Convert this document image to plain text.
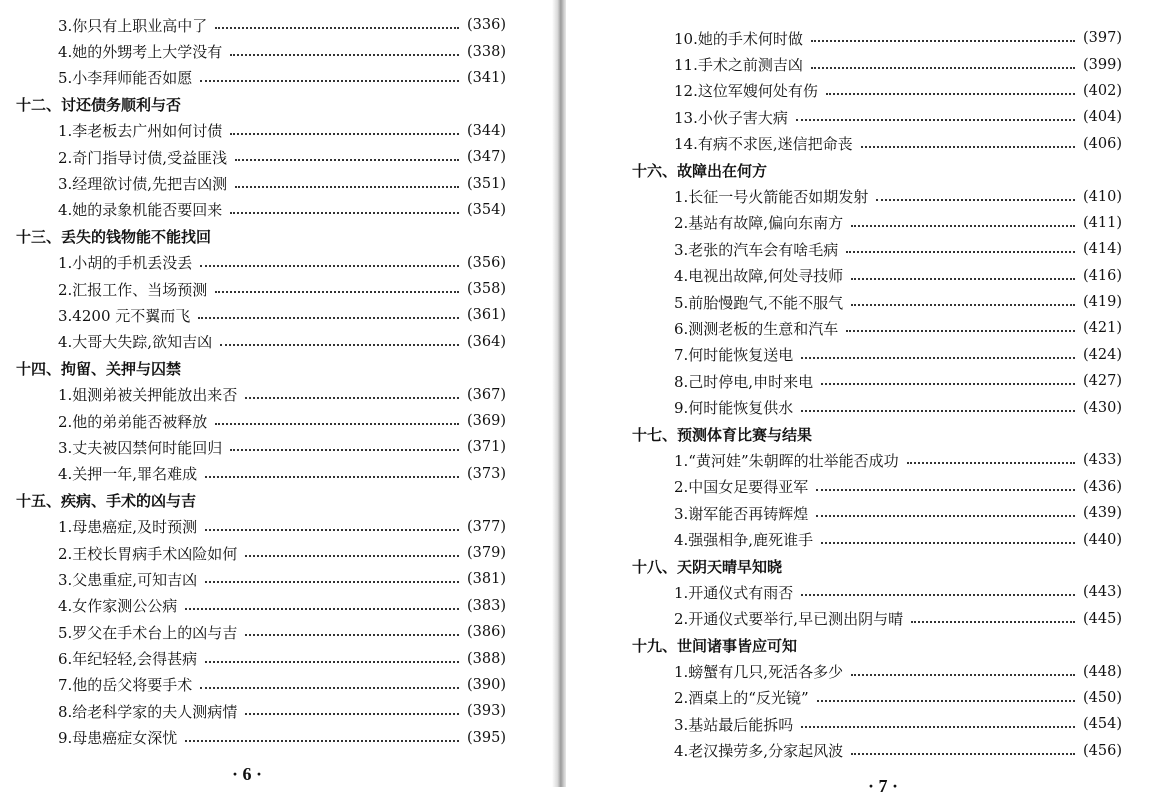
3.你只有上职业高中了	(336)
4.她的外甥考上大学没有	(338)
5.小李拜师能否如愿	(341)
十二、讨还债务顺利与否
1.李老板去广州如何讨债	(344)
2.奇门指导讨债,受益匪浅	(347)
3.经理欲讨债,先把吉凶测	(351)
4.她的录象机能否要回来	(354)
十三、丢失的钱物能不能找回
1.小胡的手机丢没丢	(356)
2.汇报工作、当场预测	(358)
3.4200 元不翼而飞	(361)
4.大哥大失踪,欲知吉凶	(364)
十四、拘留、关押与囚禁
1.姐测弟被关押能放出来否	(367)
2.他的弟弟能否被释放	(369)
3.丈夫被囚禁何时能回归	(371)
4.关押一年,罪名难成	(373)
十五、疾病、手术的凶与吉
1.母患癌症,及时预测	(377)
2.王校长胃病手术凶险如何	(379)
3.父患重症,可知吉凶	(381)
4.女作家测公公病	(383)
5.罗父在手术台上的凶与吉	(386)
6.年纪轻轻,会得甚病	(388)
7.他的岳父将要手术	(390)
8.给老科学家的夫人测病情	(393)
9.母患癌症女深忧	(395)
· 6 ·
10.她的手术何时做	(397)
11.手术之前测吉凶	(399)
12.这位军嫂何处有伤	(402)
13.小伙子害大病	(404)
14.有病不求医,迷信把命丧	(406)
十六、故障出在何方
1.长征一号火箭能否如期发射	(410)
2.基站有故障,偏向东南方	(411)
3.老张的汽车会有啥毛病	(414)
4.电视出故障,何处寻技师	(416)
5.前胎慢跑气,不能不服气	(419)
6.测测老板的生意和汽车	(421)
7.何时能恢复送电	(424)
8.己时停电,申时来电	(427)
9.何时能恢复供水	(430)
十七、预测体育比赛与结果
1.“黄河娃”朱朝晖的壮举能否成功	(433)
2.中国女足要得亚军	(436)
3.谢军能否再铸辉煌	(439)
4.强强相争,鹿死谁手	(440)
十八、天阴天晴早知晓
1.开通仪式有雨否	(443)
2.开通仪式要举行,早已测出阴与晴	(445)
十九、世间诸事皆应可知
1.螃蟹有几只,死活各多少	(448)
2.酒桌上的“反光镜”	(450)
3.基站最后能拆吗	(454)
4.老汉操劳多,分家起风波	(456)
· 7 ·
